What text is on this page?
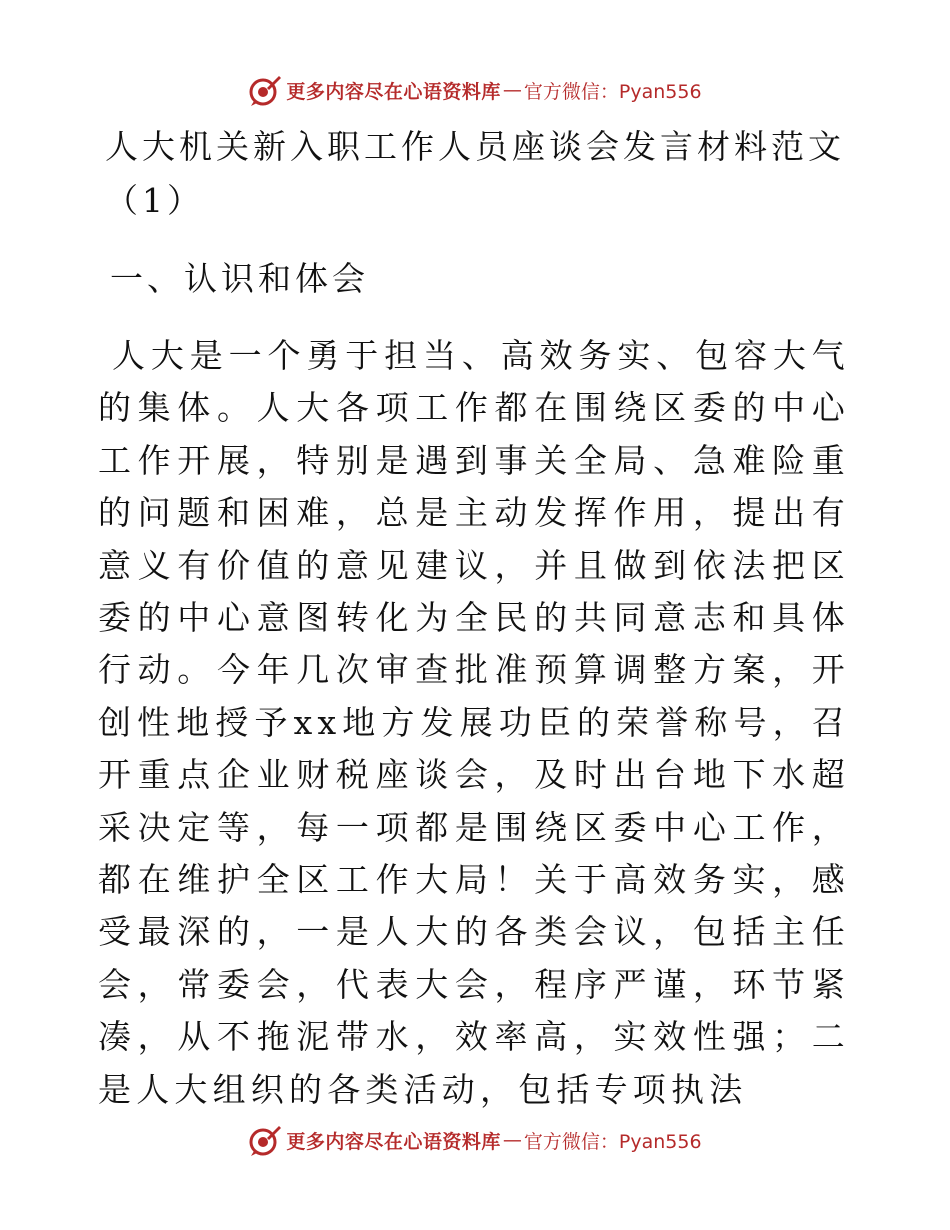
更多内容尽在心语资料库 — 官方微信：Pyan556
人大机关新入职工作人员座谈会发言材料范文（1）
一、认识和体会

人大是一个勇于担当、高效务实、包容大气的集体。人大各项工作都在围绕区委的中心工作开展，特别是遇到事关全局、急难险重的问题和困难，总是主动发挥作用，提出有意义有价值的意见建议，并且做到依法把区委的中心意图转化为全民的共同意志和具体行动。今年几次审查批准预算调整方案，开创性地授予xx地方发展功臣的荣誉称号，召开重点企业财税座谈会，及时出台地下水超采决定等，每一项都是围绕区委中心工作，都在维护全区工作大局！关于高效务实，感受最深的，一是人大的各类会议，包括主任会，常委会，代表大会，程序严谨，环节紧凑，从不拖泥带水，效率高，实效性强；二是人大组织的各类活动，包括专项执法

更多内容尽在心语资料库 — 官方微信：Pyan556
